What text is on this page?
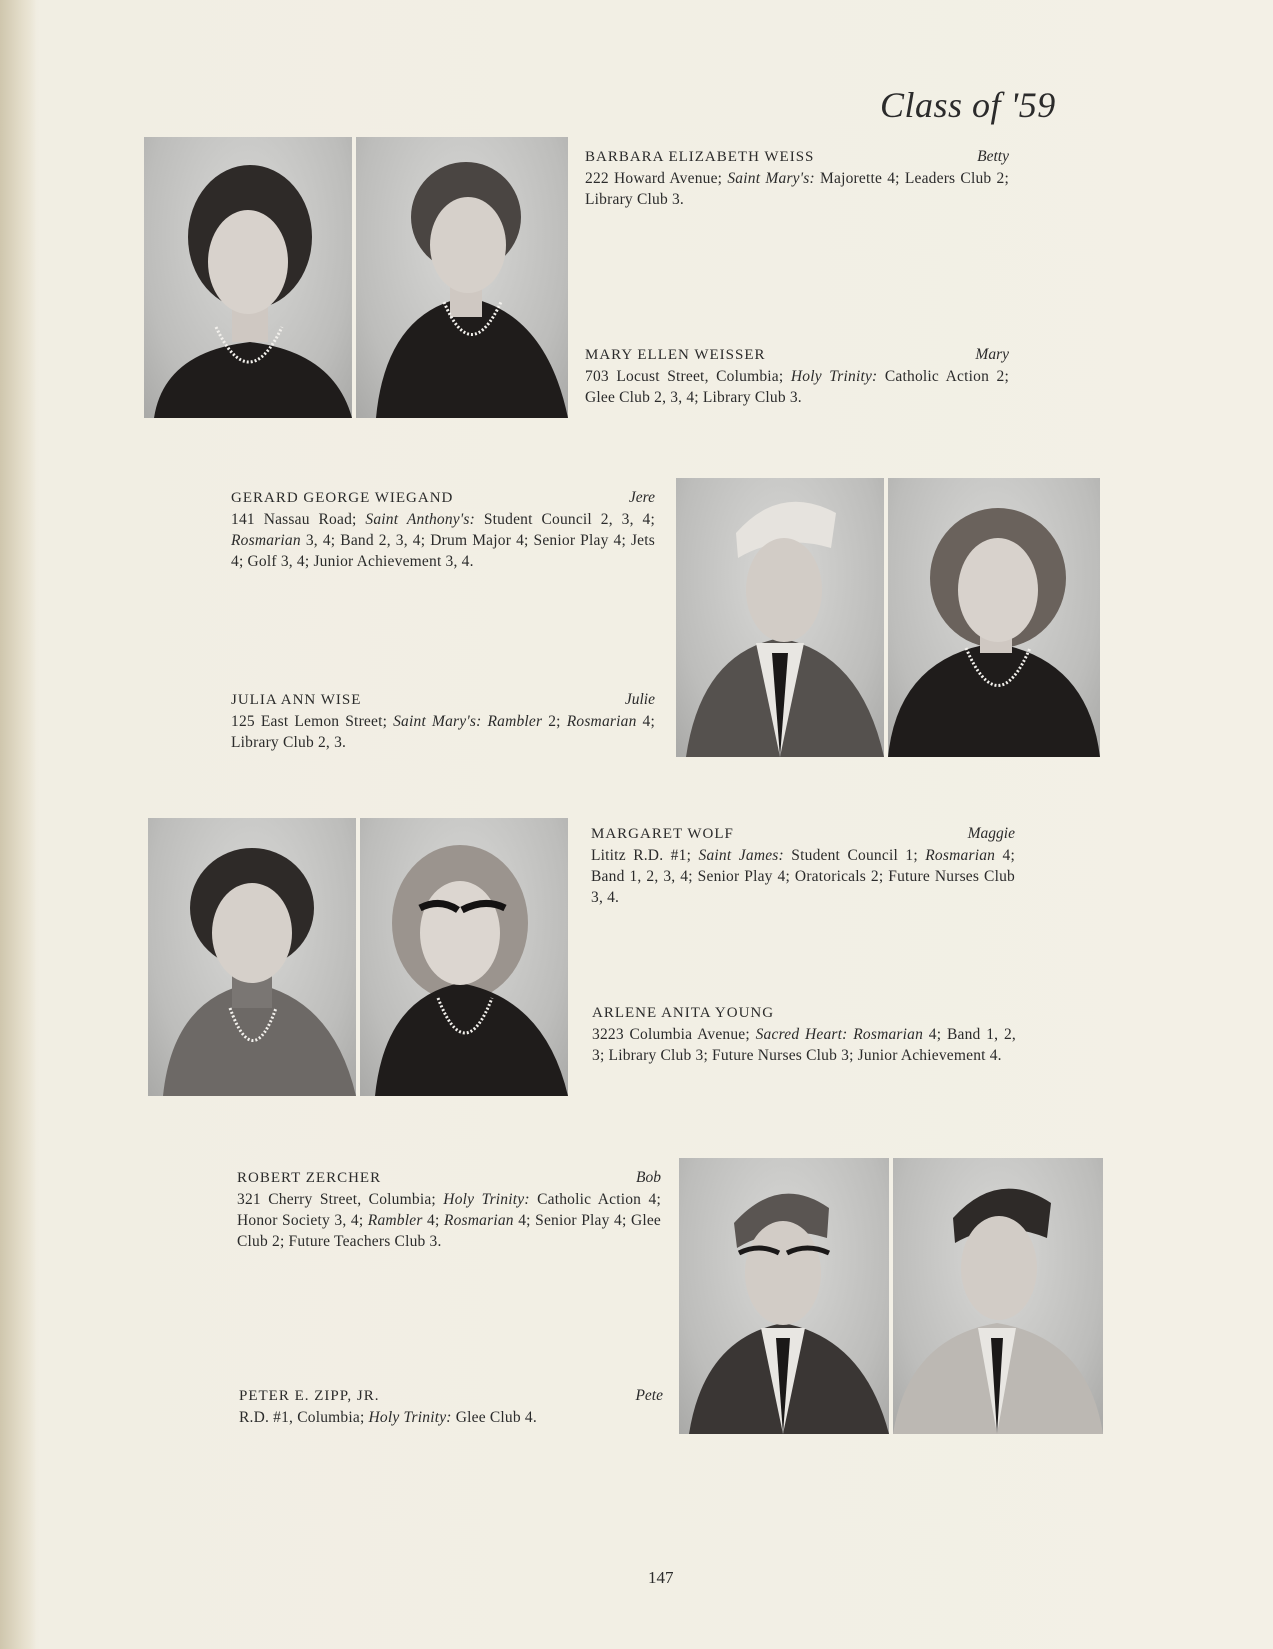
Class of '59
BARBARA ELIZABETH WEISS	Betty
222 Howard Avenue; Saint Mary's: Majorette 4; Leaders Club 2; Library Club 3.
MARY ELLEN WEISSER	Mary
703 Locust Street, Columbia; Holy Trinity: Catholic Action 2; Glee Club 2, 3, 4; Library Club 3.
GERARD GEORGE WIEGAND	Jere
141 Nassau Road; Saint Anthony's: Student Council 2, 3, 4; Rosmarian 3, 4; Band 2, 3, 4; Drum Major 4; Senior Play 4; Jets 4; Golf 3, 4; Junior Achievement 3, 4.
JULIA ANN WISE	Julie
125 East Lemon Street; Saint Mary's: Rambler 2; Rosmarian 4; Library Club 2, 3.
MARGARET WOLF	Maggie
Lititz R.D. #1; Saint James: Student Council 1; Rosmarian 4; Band 1, 2, 3, 4; Senior Play 4; Oratoricals 2; Future Nurses Club 3, 4.
ARLENE ANITA YOUNG
3223 Columbia Avenue; Sacred Heart: Rosmarian 4; Band 1, 2, 3; Library Club 3; Future Nurses Club 3; Junior Achievement 4.
ROBERT ZERCHER	Bob
321 Cherry Street, Columbia; Holy Trinity: Catholic Action 4; Honor Society 3, 4; Rambler 4; Rosmarian 4; Senior Play 4; Glee Club 2; Future Teachers Club 3.
PETER E. ZIPP, JR.	Pete
R.D. #1, Columbia; Holy Trinity: Glee Club 4.
147
